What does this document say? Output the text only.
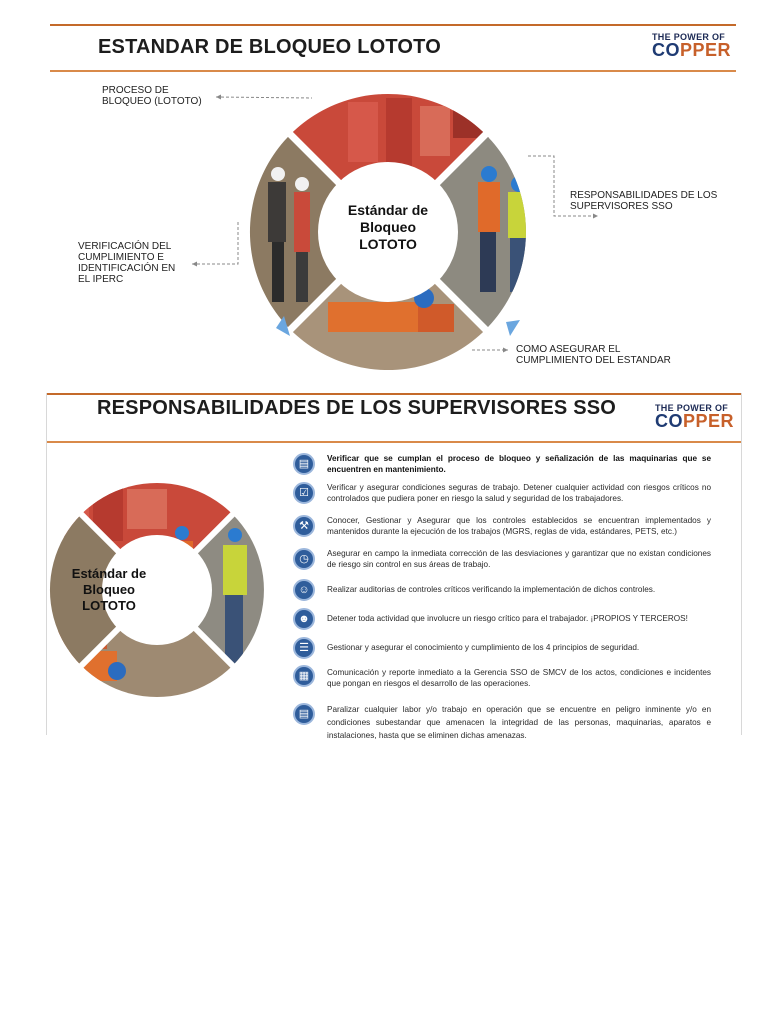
ESTANDAR DE BLOQUEO LOTOTO	THE POWER OF
COPPER
Estándar de Bloqueo LOTOTO
PROCESO DE
BLOQUEO (LOTOTO)
VERIFICACIÓN DEL
CUMPLIMIENTO E
IDENTIFICACIÓN EN
EL IPERC
RESPONSABILIDADES DE LOS
SUPERVISORES SSO
COMO ASEGURAR EL
CUMPLIMIENTO DEL ESTANDAR
RESPONSABILIDADES DE LOS SUPERVISORES SSO	THE POWER OF
COPPER
Estándar de
Bloqueo
LOTOTO
▤	Verificar que se cumplan el proceso de bloqueo y señalización de las maquinarias que se encuentren en mantenimiento.
☑	Verificar y asegurar condiciones seguras de trabajo. Detener cualquier actividad con riesgos críticos no controlados que pudiera poner en riesgo la salud y seguridad de los trabajadores.
⚒	Conocer, Gestionar y Asegurar que los controles establecidos se encuentran implementados y mantenidos durante la ejecución de los trabajos (MGRS, reglas de vida, estándares, PETS, etc.)
◷	Asegurar en campo la inmediata corrección de las desviaciones y garantizar que no existan condiciones de riesgo sin control en sus áreas de trabajo.
☺	Realizar auditorias de controles críticos verificando la implementación de dichos controles.
☻	Detener toda actividad que involucre un riesgo crítico para el trabajador. ¡PROPIOS Y TERCEROS!
☰	Gestionar y asegurar el conocimiento y cumplimiento de los 4 principios de seguridad.
▦	Comunicación y reporte inmediato a la Gerencia SSO de SMCV de los actos, condiciones e incidentes que pongan en riesgos el desarrollo de las operaciones.
▤	Paralizar cualquier labor y/o trabajo en operación que se encuentre en peligro inminente y/o en condiciones subestandar que amenacen la integridad de las personas, maquinarias, aparatos e instalaciones, hasta que se eliminen dichas amenazas.
